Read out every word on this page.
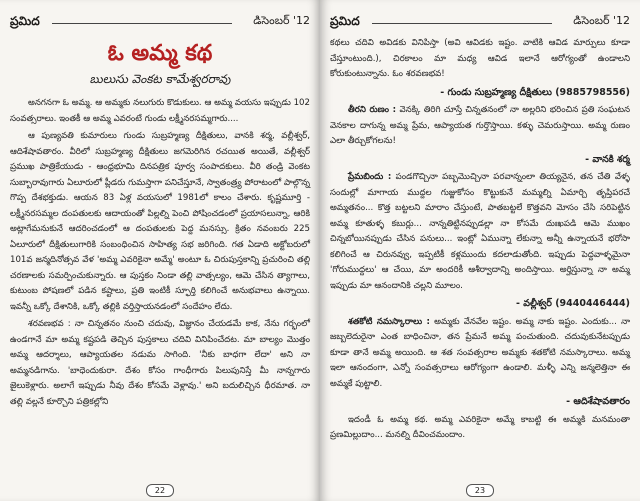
ప్రమిద	డిసెంబర్ '12
ఓ అమ్మ కథ
బులుసు వెంకట కామేశ్వరరావు

అనగనగా ఓ అమ్మ. ఆ అమ్మకు నలుగురు కొడుకులు. ఆ అమ్మ వయసు ఇప్పుడు 102 సంవత్సరాలు. ఇంతకీ ఆ అమ్మ ఎవరంటే గుండు లక్ష్మీనరసమ్మగారు....

ఆ పుణ్యవతి కుమారులు గుండు సుబ్రహ్మణ్య దీక్షితులు, వానకి శర్మ, వల్లీశ్వర్, ఆదిశేషావతారం. వీరిలో సుబ్రహ్మణ్య దీక్షితులు జగమెరిగిన రచయిత అయితే, వల్లీశ్వర్ ప్రముఖ పాత్రికేయుడు - ఆంధ్రభూమి దినపత్రిక పూర్వ సంపాదకులు. వీరి తండ్రి వెంకట సుబ్బారావుగారు ఏలూరులో ప్లీడరు గుమస్తాగా పనిచేస్తూనే, స్వాతంత్ర్య పోరాటంలో పాల్గొన్న గొప్ప దేశభక్తుడు. ఆయన 83 ఏళ్ల వయసులో 1981లో కాలం చేశారు. కృష్ణమూర్తి - లక్ష్మీనరసమ్మల దంపతులకు ఆదాయంతో పిల్లల్ని పెంచి పోషించడంలో ప్రయాసలున్నా, ఆరికి అట్లాగేమనుకునే ఆదరించడంలో ఆ దంపతులకు పెద్ద మనస్సు. క్రితం నవంబరు 225 ఏలూరులో దీక్షితులుగారికి సంబంధించిన సాహిత్య సభ జరిగింది. గత ఏడాది అక్టోబరులో 101వ జన్మదినోత్సవ వేళ 'అమ్మ ఎవరికైనా అమ్మే' అంటూ ఓ చిరుపుస్తకాన్ని ప్రచురించి తల్లి చరణాలకు సమర్పించుకున్నారు. ఆ పుస్తకం నిండా తల్లి వాత్సల్యం, ఆమె చేసిన త్యాగాలు, కుటుంబ పోషణలో పడిన కష్టాలు, ప్రతి ఇంటికీ స్ఫూర్తి కలిగించే అనుభవాలు ఉన్నాయి. ఇవన్నీ ఒక్కో దేశానికి, ఒక్కో తల్లికి వర్తిస్తాయనడంలో సందేహం లేదు.

శరవణభవ : నా చిన్నతనం నుంచి చదువు, విజ్ఞానం చేయడమే కాక, నేను గర్భంలో ఉండగానే మా అమ్మ కష్టపడి తెచ్చిన పుస్తకాలు చదివి వినిపించేదట. మా బాల్యం మొత్తం అమ్మ ఆదర్శాలు, ఆప్యాయతల నడుమ సాగింది. 'నీకు బాధగా లేదా' అని నా అమ్మనడిగాను. 'బాధెందుకురా. దేశం కోసం గాంధీగారు పిలుపునిస్తే మీ నాన్నగారు జైలుకెళ్లారు. అలాగే ఇప్పుడు నీవు దేశం కోసమే వెళ్లావు.' అని బదులిచ్చిన ధీరమాత. నా తల్లి వల్లనే కూర్చొని పత్రికల్లోని

22
ప్రమిద	డిసెంబర్ '12

కథలు చదివి అవిడకు వినిపిస్తా (అవి ఆవిడకు ఇష్టం. వాటికి ఆవిడ మార్పులు కూడా చేస్తూంటుంది.), చిరకాలం మా మధ్య ఆవిడ ఇలానే ఆరోగ్యంతో ఉండాలని కోరుకుంటున్నాను. ఓం శరవణభవ!

- గుండు సుబ్రహ్మణ్య దీక్షితులు (9885798556)

తీరని రుణం : వెనక్కి తిరిగి చూస్తే చిన్నతనంలో నా అల్లరిని భరించిన ప్రతి సంఘటన వెనకాల దాగున్న అమ్మ ప్రేమ, ఆప్యాయత గుర్తొస్తాయి. కళ్ళు చెమరుస్తాయి. అమ్మ రుణం ఎలా తీర్చుకోగలను!

- వానకి శర్మ

ప్రేమబిందు : పండగొచ్చినా పబ్బమొచ్చినా పరవాన్నంలా తియ్యనైన, తన చేతి వేళ్ళ సందుల్లో మాగాయ ముద్దల గుజ్జుకోసం కొట్టుకునే మమ్మల్ని ఏమార్చి తృప్తిపరచే అమ్మతనం... కొత్త బట్టలని మారాం చేస్తుంటే, పాతబట్టలే కొత్తవని మోసం చేసి సరిపెట్టిన అమ్మ కూతుళ్ళ కబుర్లు... నాన్నతిట్టినప్పుడల్లా నా కోసమే దుఃఖపడి ఆమె ముఖం చిన్నబోయినప్పుడు చేసిన పనులు... ఇంట్లో ఏమున్నా లేకున్నా అన్నీ ఉన్నాయనే భరోసా కలిగించే ఆ చిరునవ్వు, ఇప్పటికీ కళ్లముందు కదలాడుతోంది. ఇప్పుడు పెద్దవాళ్ళమైనా 'గోరుముద్దలు' ఆ చేయి, మా అందరికీ ఆశీర్వాదాన్ని అందిస్తాయి. అర్హిస్తున్నా నా అమ్మ ఇప్పుడు మా ఆనందానికి చల్లని మూలం.

- వల్లీశ్వర్ (9440446444)

శతకోటి నమస్కారాలు : అమ్మకు వేనవేల ఇష్టం. అమ్మ నాకు ఇష్టం. ఎందుకు... నా జబ్బలెదురైనా ఎంత బాధించినా, తన ప్రేమనే అమ్మ పంచుతుంది. చదువుకునేటప్పుడు కూడా తానే అమ్మ అయింది. ఆ శత సంవత్సరాల అమ్మకు శతకోటి నమస్కారాలు. అమ్మ ఇలా ఆనందంగా, ఎన్నో సంవత్సరాలు ఆరోగ్యంగా ఉండాలి. మళ్ళీ ఎన్ని జన్మలెత్తినా ఈ అమ్మకే పుట్టాలి.

- ఆదిశేషావతారం

ఇదండీ ఓ అమ్మ కథ. అమ్మ ఎవరికైనా అమ్మే కాబట్టి ఈ అమ్మకి మనమంతా ప్రణమిల్లుదాం... మనల్ని దీవించమందాం.

23
